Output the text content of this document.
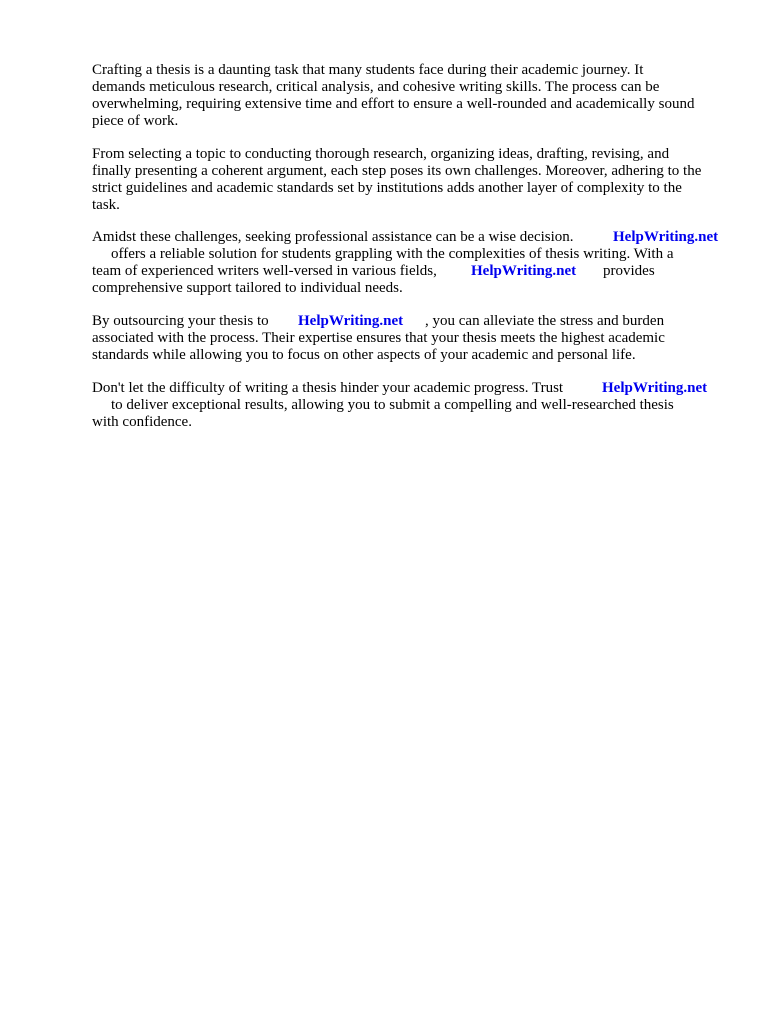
Crafting a thesis is a daunting task that many students face during their academic journey. It

demands meticulous research, critical analysis, and cohesive writing skills. The process can be

overwhelming, requiring extensive time and effort to ensure a well-rounded and academically sound

piece of work.

From selecting a topic to conducting thorough research, organizing ideas, drafting, revising, and

finally presenting a coherent argument, each step poses its own challenges. Moreover, adhering to the

strict guidelines and academic standards set by institutions adds another layer of complexity to the

task.

Amidst these challenges, seeking professional assistance can be a wise decision.	HelpWriting.net

offers a reliable solution for students grappling with the complexities of thesis writing. With a

team of experienced writers well-versed in various fields, HelpWriting.net provides

comprehensive support tailored to individual needs.

By outsourcing your thesis to HelpWriting.net , you can alleviate the stress and burden

associated with the process. Their expertise ensures that your thesis meets the highest academic

standards while allowing you to focus on other aspects of your academic and personal life.

Don't let the difficulty of writing a thesis hinder your academic progress. Trust	HelpWriting.net

to deliver exceptional results, allowing you to submit a compelling and well-researched thesis

with confidence.
